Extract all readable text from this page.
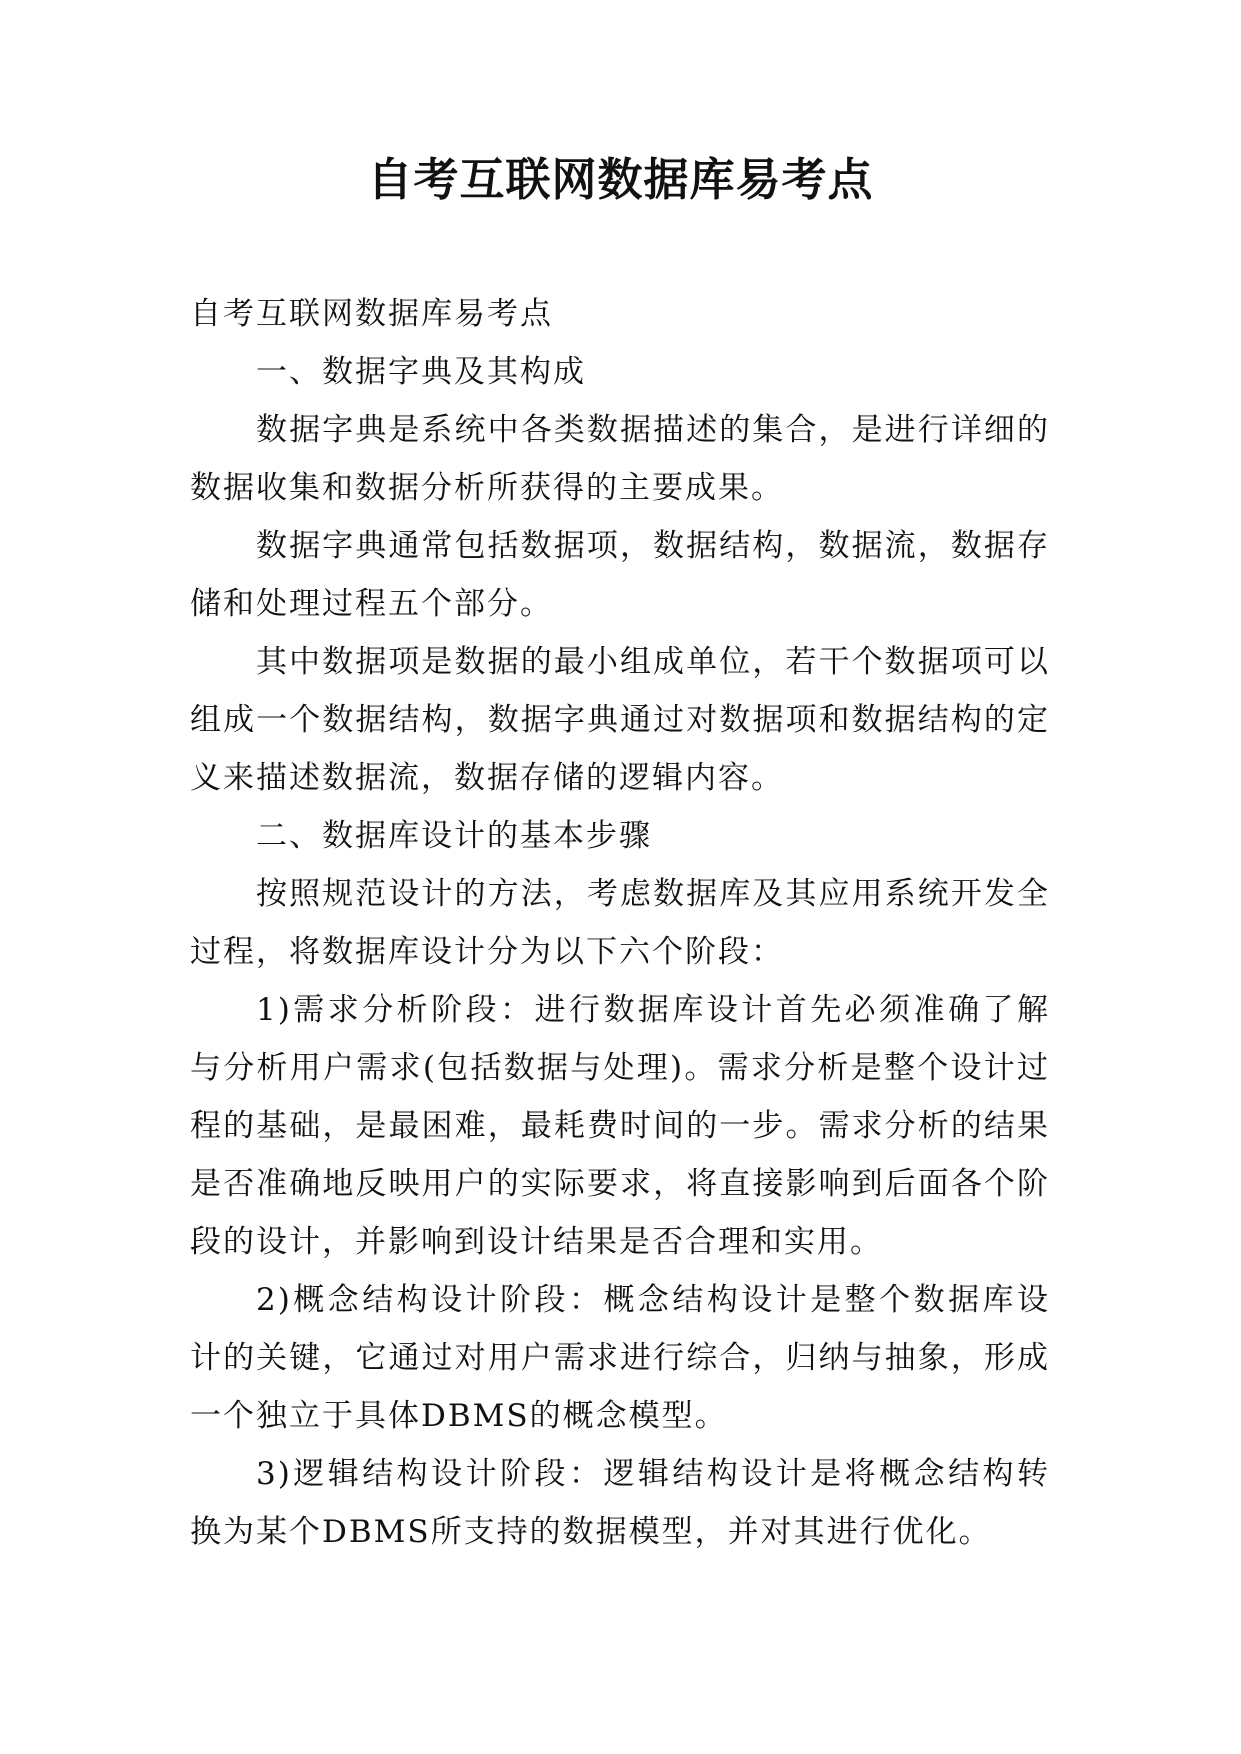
自考互联网数据库易考点

自考互联网数据库易考点

一、数据字典及其构成

数据字典是系统中各类数据描述的集合，是进行详细的数据收集和数据分析所获得的主要成果。

数据字典通常包括数据项，数据结构，数据流，数据存储和处理过程五个部分。

其中数据项是数据的最小组成单位，若干个数据项可以组成一个数据结构，数据字典通过对数据项和数据结构的定义来描述数据流，数据存储的逻辑内容。

二、数据库设计的基本步骤

按照规范设计的方法，考虑数据库及其应用系统开发全过程，将数据库设计分为以下六个阶段：

1)需求分析阶段：进行数据库设计首先必须准确了解与分析用户需求(包括数据与处理)。需求分析是整个设计过程的基础，是最困难，最耗费时间的一步。需求分析的结果是否准确地反映用户的实际要求，将直接影响到后面各个阶段的设计，并影响到设计结果是否合理和实用。

2)概念结构设计阶段：概念结构设计是整个数据库设计的关键，它通过对用户需求进行综合，归纳与抽象，形成一个独立于具体DBMS的概念模型。

3)逻辑结构设计阶段：逻辑结构设计是将概念结构转换为某个DBMS所支持的数据模型，并对其进行优化。
